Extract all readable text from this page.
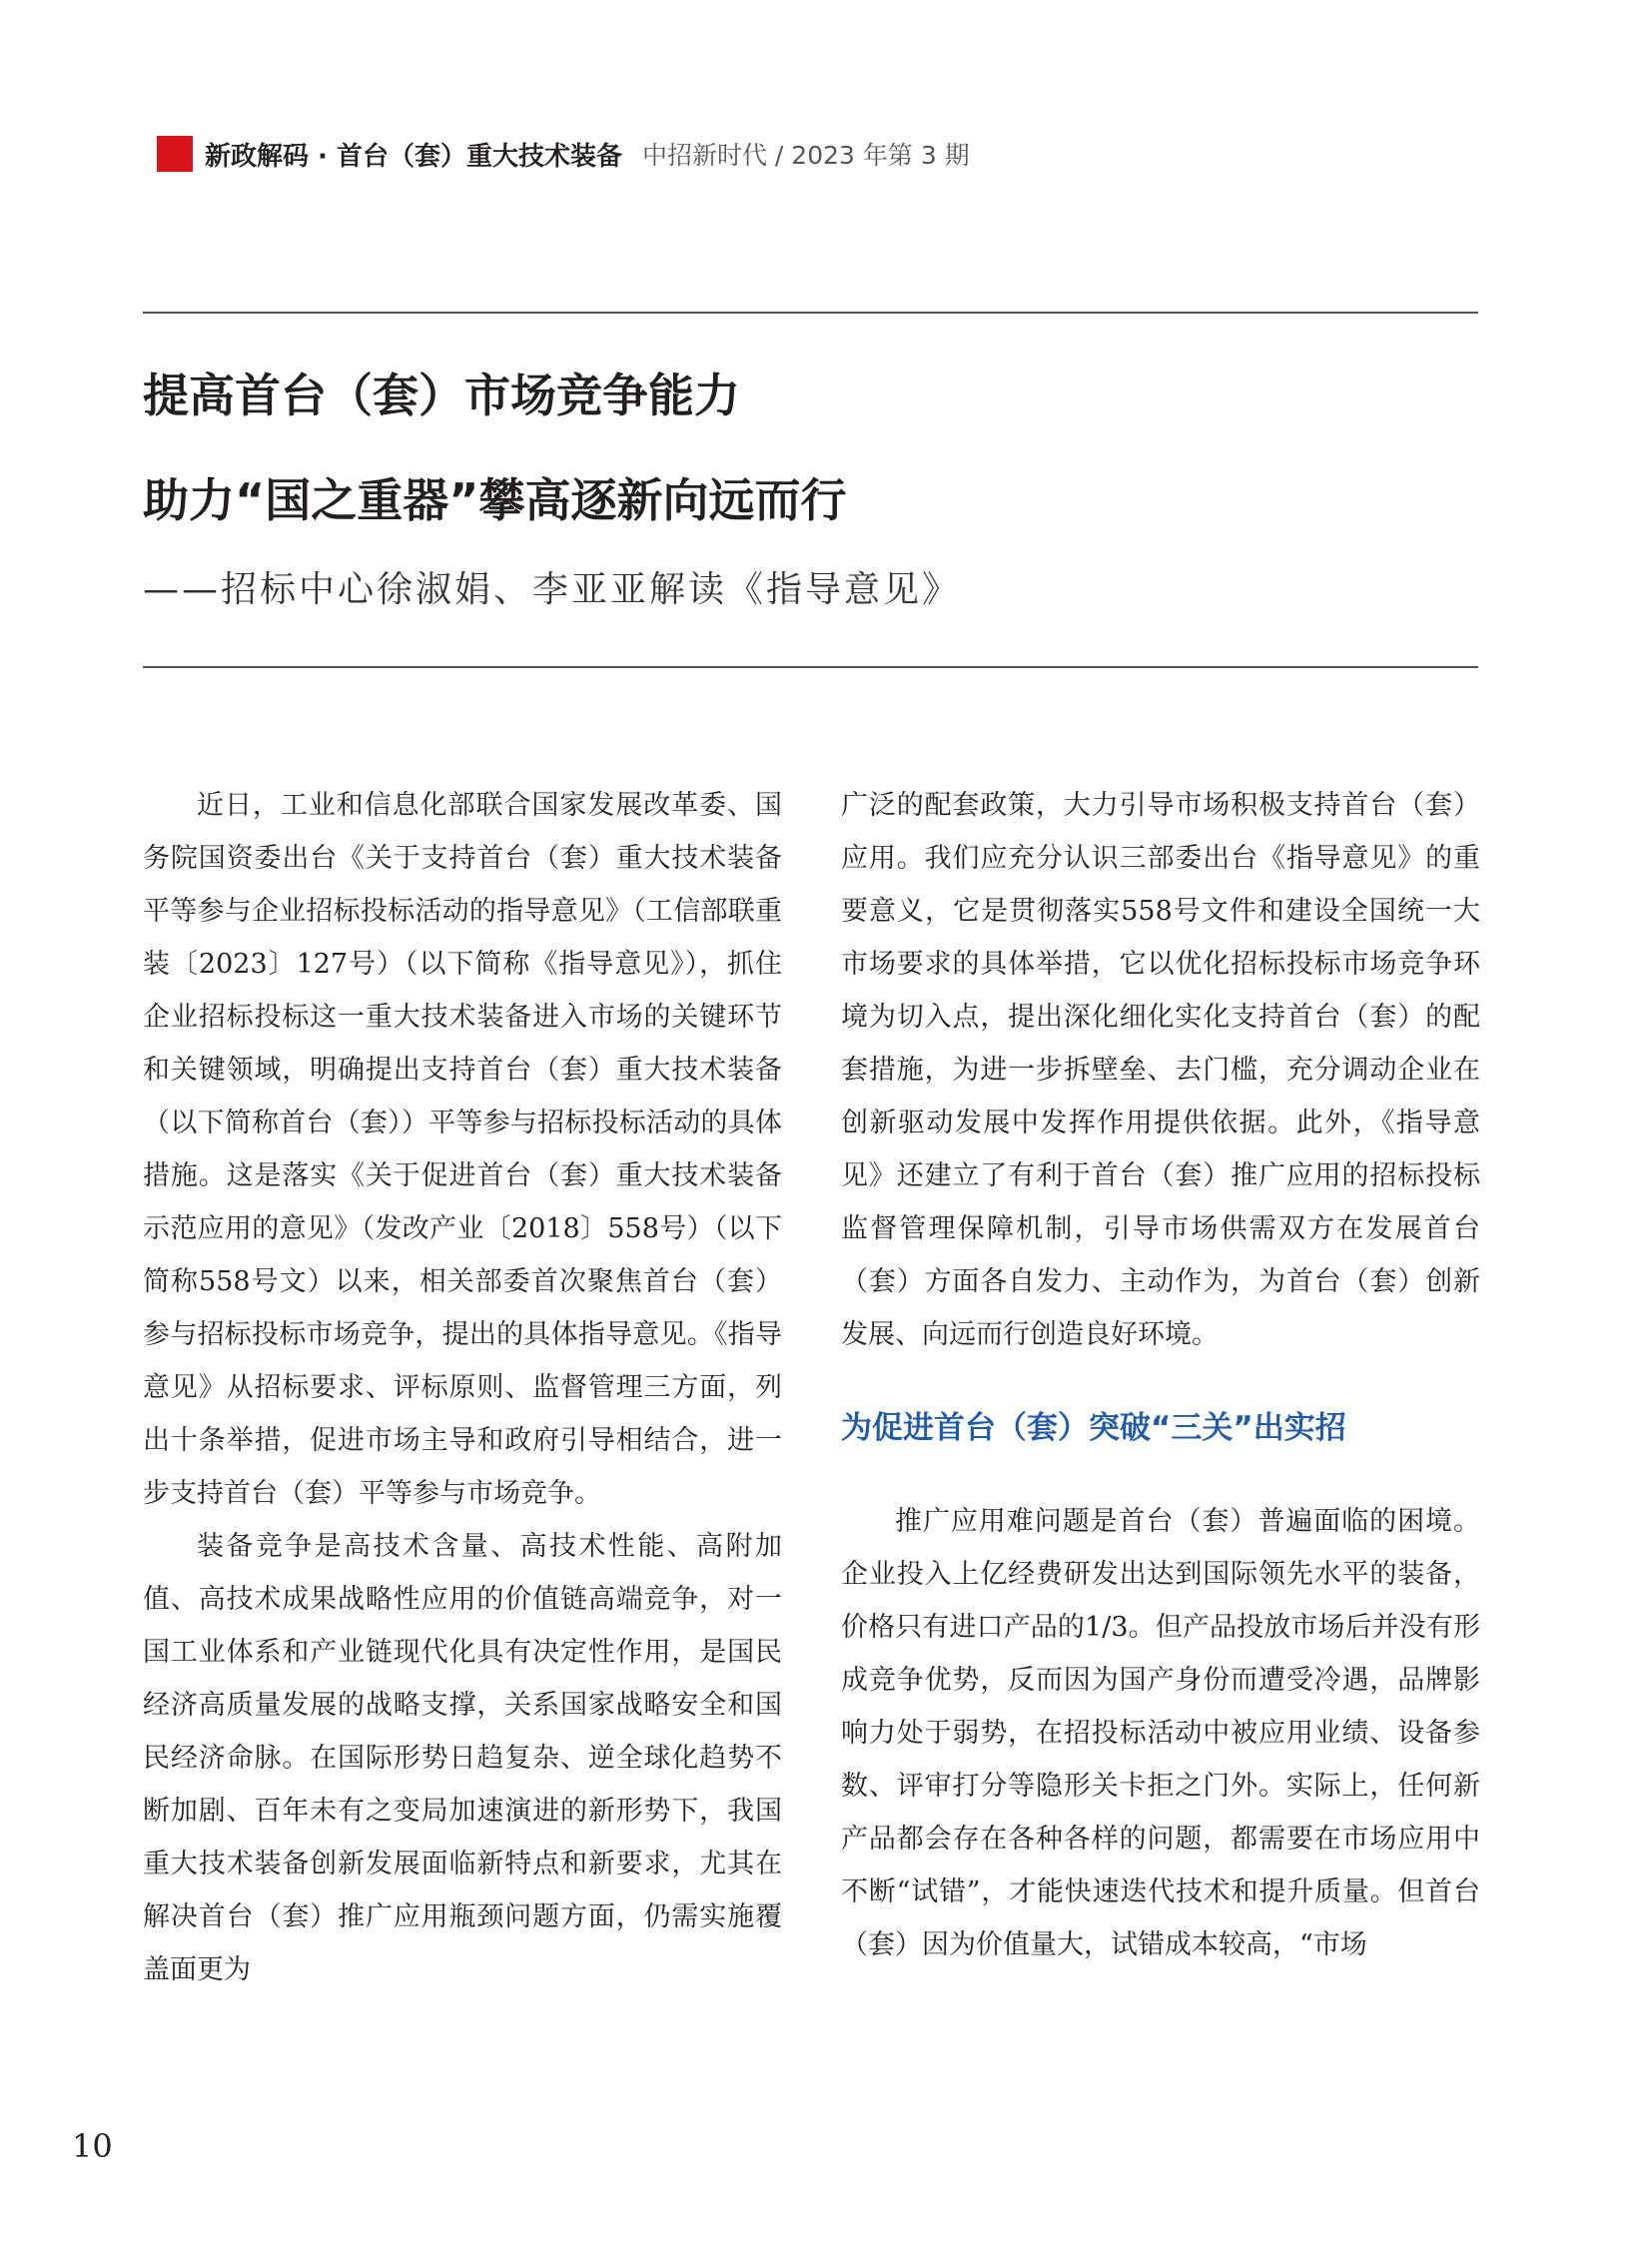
新政解码 · 首台（套）重大技术装备 中招新时代 / 2023 年第 3 期
提高首台（套）市场竞争能力
助力“国之重器”攀高逐新向远而行
——招标中心徐淑娟、李亚亚解读《指导意见》

近日，工业和信息化部联合国家发展改革委、国务院国资委出台《关于支持首台（套）重大技术装备平等参与企业招标投标活动的指导意见》（工信部联重装〔2023〕127号）（以下简称《指导意见》），抓住企业招标投标这一重大技术装备进入市场的关键环节和关键领域，明确提出支持首台（套）重大技术装备（以下简称首台（套））平等参与招标投标活动的具体措施。这是落实《关于促进首台（套）重大技术装备示范应用的意见》（发改产业〔2018〕558号）（以下简称558号文）以来，相关部委首次聚焦首台（套）参与招标投标市场竞争，提出的具体指导意见。《指导意见》从招标要求、评标原则、监督管理三方面，列出十条举措，促进市场主导和政府引导相结合，进一步支持首台（套）平等参与市场竞争。

装备竞争是高技术含量、高技术性能、高附加值、高技术成果战略性应用的价值链高端竞争，对一国工业体系和产业链现代化具有决定性作用，是国民经济高质量发展的战略支撑，关系国家战略安全和国民经济命脉。在国际形势日趋复杂、逆全球化趋势不断加剧、百年未有之变局加速演进的新形势下，我国重大技术装备创新发展面临新特点和新要求，尤其在解决首台（套）推广应用瓶颈问题方面，仍需实施覆盖面更为

广泛的配套政策，大力引导市场积极支持首台（套）应用。我们应充分认识三部委出台《指导意见》的重要意义，它是贯彻落实558号文件和建设全国统一大市场要求的具体举措，它以优化招标投标市场竞争环境为切入点，提出深化细化实化支持首台（套）的配套措施，为进一步拆壁垒、去门槛，充分调动企业在创新驱动发展中发挥作用提供依据。此外，《指导意见》还建立了有利于首台（套）推广应用的招标投标监督管理保障机制，引导市场供需双方在发展首台（套）方面各自发力、主动作为，为首台（套）创新发展、向远而行创造良好环境。

为促进首台（套）突破“三关”出实招

推广应用难问题是首台（套）普遍面临的困境。企业投入上亿经费研发出达到国际领先水平的装备，价格只有进口产品的1/3。但产品投放市场后并没有形成竞争优势，反而因为国产身份而遭受冷遇，品牌影响力处于弱势，在招投标活动中被应用业绩、设备参数、评审打分等隐形关卡拒之门外。实际上，任何新产品都会存在各种各样的问题，都需要在市场应用中不断“试错”，才能快速迭代技术和提升质量。但首台（套）因为价值量大，试错成本较高，“市场

10
